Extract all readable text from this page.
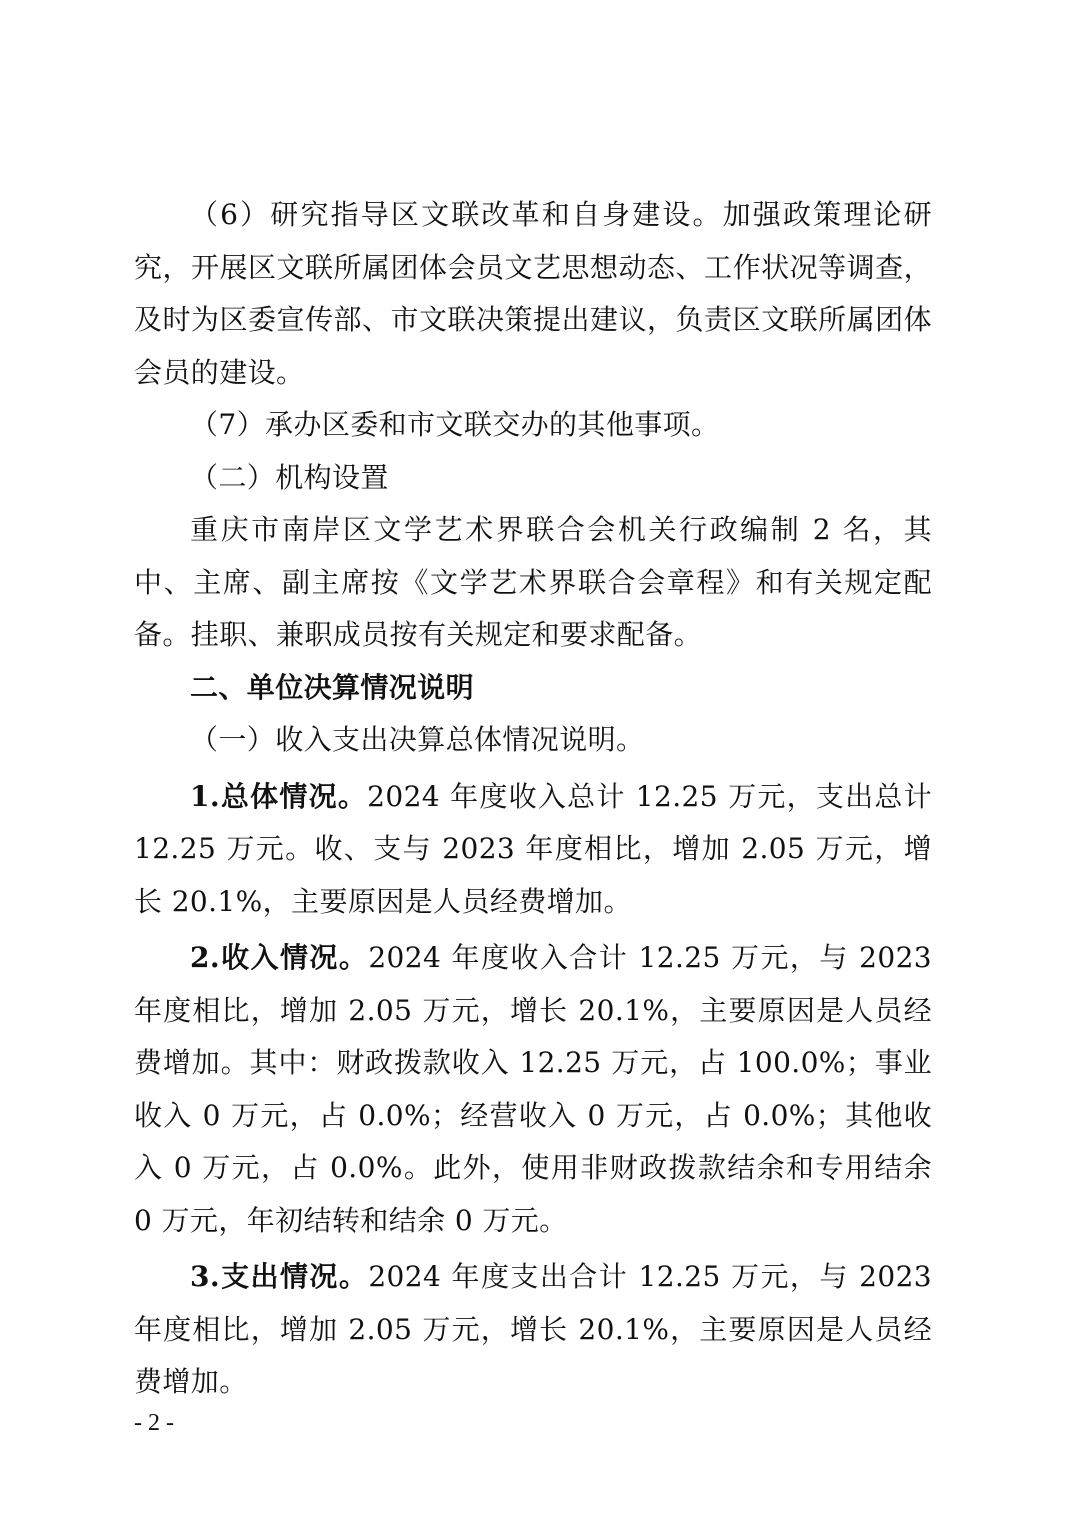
（6）研究指导区文联改革和自身建设。加强政策理论研究，开展区文联所属团体会员文艺思想动态、工作状况等调查，及时为区委宣传部、市文联决策提出建议，负责区文联所属团体会员的建设。

（7）承办区委和市文联交办的其他事项。

（二）机构设置

重庆市南岸区文学艺术界联合会机关行政编制 2 名，其中、主席、副主席按《文学艺术界联合会章程》和有关规定配备。挂职、兼职成员按有关规定和要求配备。

二、单位决算情况说明

（一）收入支出决算总体情况说明。

1.总体情况。2024 年度收入总计 12.25 万元，支出总计 12.25 万元。收、支与 2023 年度相比，增加 2.05 万元，增长 20.1%，主要原因是人员经费增加。

2.收入情况。2024 年度收入合计 12.25 万元，与 2023 年度相比，增加 2.05 万元，增长 20.1%，主要原因是人员经费增加。其中：财政拨款收入 12.25 万元，占 100.0%；事业收入 0 万元，占 0.0%；经营收入 0 万元，占 0.0%；其他收入 0 万元，占 0.0%。此外，使用非财政拨款结余和专用结余 0 万元，年初结转和结余 0 万元。

3.支出情况。2024 年度支出合计 12.25 万元，与 2023 年度相比，增加 2.05 万元，增长 20.1%，主要原因是人员经费增加。

- 2 -
